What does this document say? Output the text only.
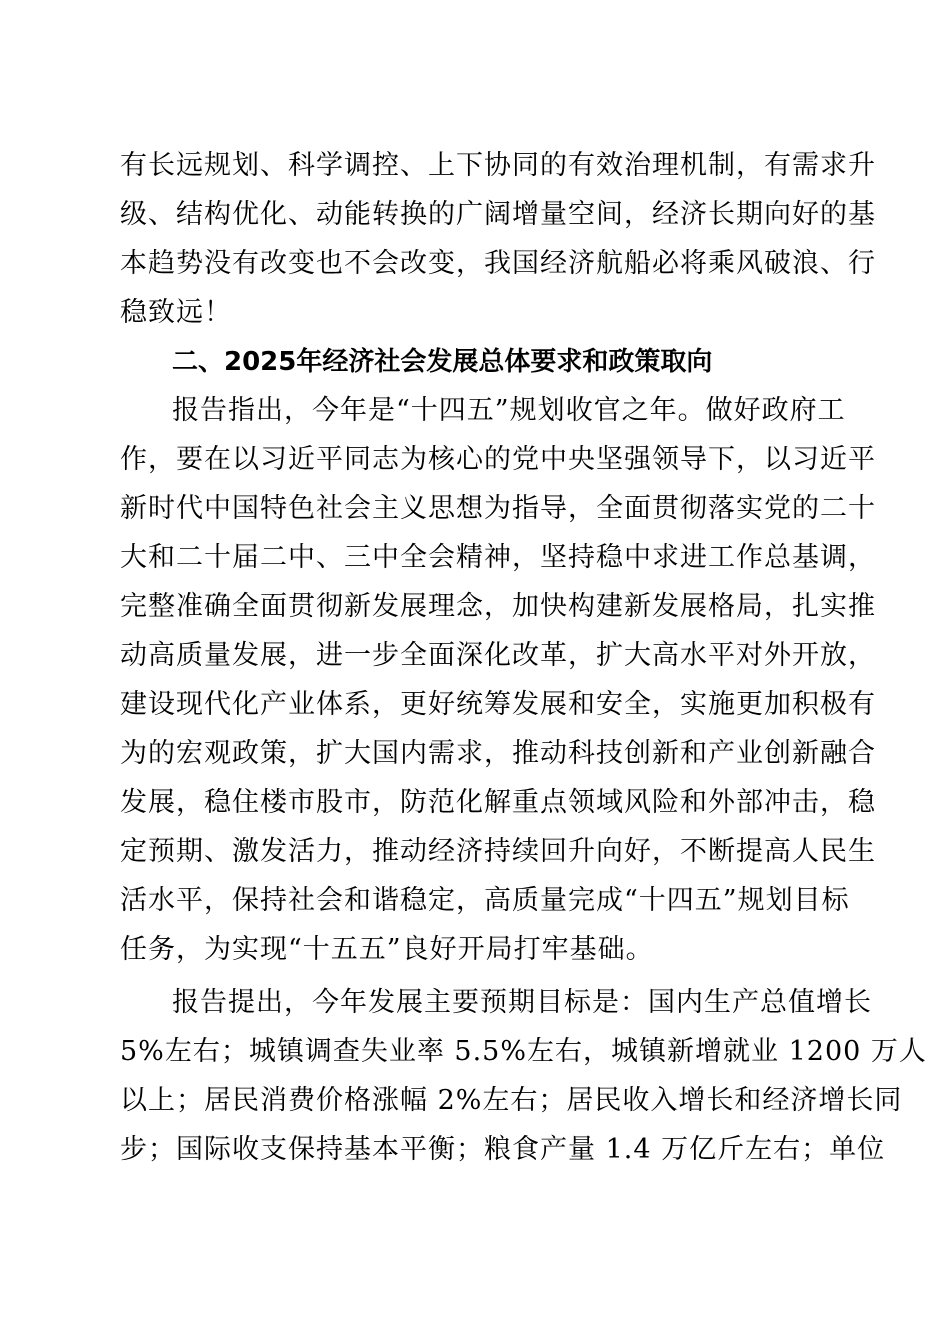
有长远规划、科学调控、上下协同的有效治理机制，有需求升
级、结构优化、动能转换的广阔增量空间，经济长期向好的基
本趋势没有改变也不会改变，我国经济航船必将乘风破浪、行
稳致远！
二、2025年经济社会发展总体要求和政策取向
报告指出，今年是“十四五”规划收官之年。做好政府工
作，要在以习近平同志为核心的党中央坚强领导下，以习近平
新时代中国特色社会主义思想为指导，全面贯彻落实党的二十
大和二十届二中、三中全会精神，坚持稳中求进工作总基调，
完整准确全面贯彻新发展理念，加快构建新发展格局，扎实推
动高质量发展，进一步全面深化改革，扩大高水平对外开放，
建设现代化产业体系，更好统筹发展和安全，实施更加积极有
为的宏观政策，扩大国内需求，推动科技创新和产业创新融合
发展，稳住楼市股市，防范化解重点领域风险和外部冲击，稳
定预期、激发活力，推动经济持续回升向好，不断提高人民生
活水平，保持社会和谐稳定，高质量完成“十四五”规划目标
任务，为实现“十五五”良好开局打牢基础。
报告提出，今年发展主要预期目标是：国内生产总值增长
5%左右；城镇调查失业率 5.5%左右，城镇新增就业 1200 万人
以上；居民消费价格涨幅 2%左右；居民收入增长和经济增长同
步；国际收支保持基本平衡；粮食产量 1.4 万亿斤左右；单位
